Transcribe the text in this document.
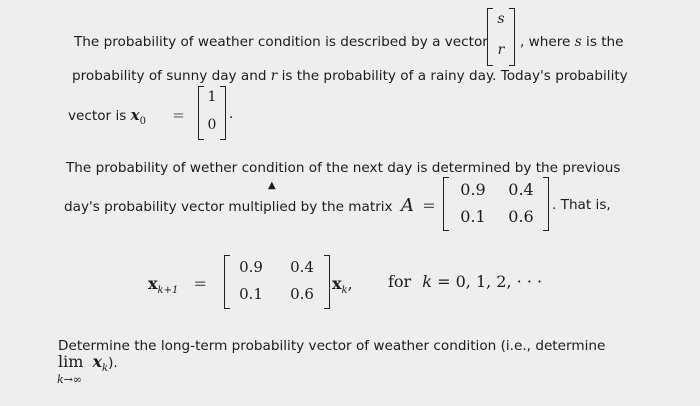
The probability of weather condition is described by a vector
s
r	, where s is the
probability of sunny day and r is the probability of a rainy day. Today's probability
vector is $x_0$ =
1
0
.
The probability of wether condition of the next day is determined by the previous
▲
day's probability vector multiplied by the matrix A =
0.9	0.4
0.1	0.6
. That is,
$x_{k+1}$ =
0.9	0.4
0.1	0.6
$x_k$, for k = 0, 1, 2, · · ·
Determine the long-term probability vector of weather condition (i.e., determine
$\lim x_k$).
k→∞
